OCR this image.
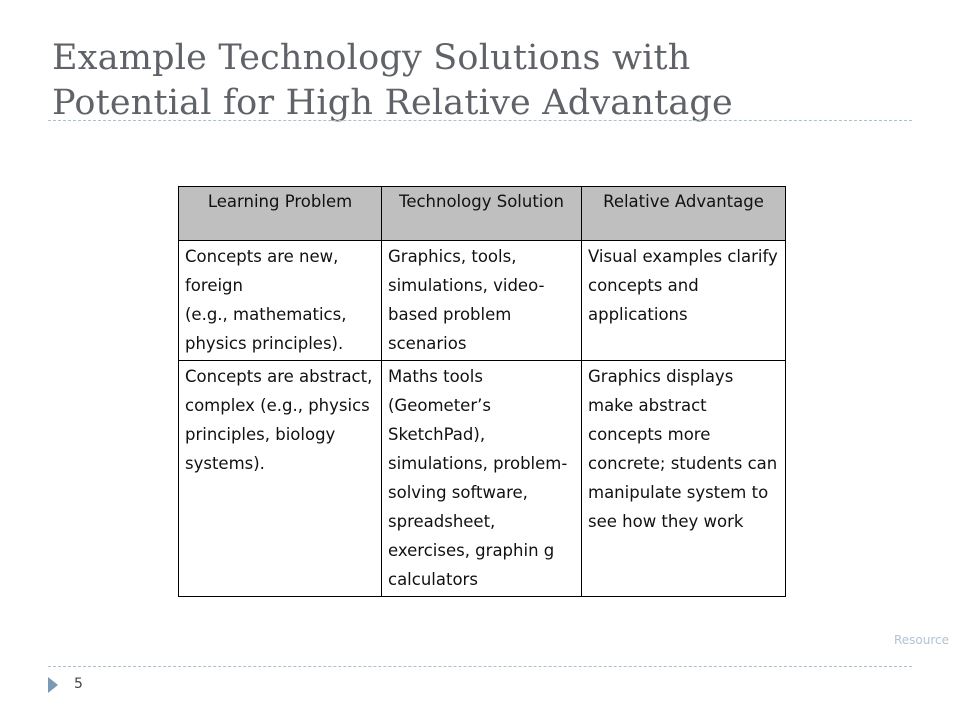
Example Technology Solutions with
Potential for High Relative Advantage
Learning Problem	Technology Solution	Relative Advantage
Concepts are new, foreign
(e.g., mathematics, physics principles).	Graphics, tools, simulations, video-based problem scenarios	Visual examples clarify concepts and applications
Concepts are abstract, complex (e.g., physics principles, biology systems).	Maths tools (Geometer’s SketchPad), simulations, problem-solving software, spreadsheet, exercises, graphin g calculators	Graphics displays make abstract concepts more concrete; students can manipulate system to see how they work
Resource
5
